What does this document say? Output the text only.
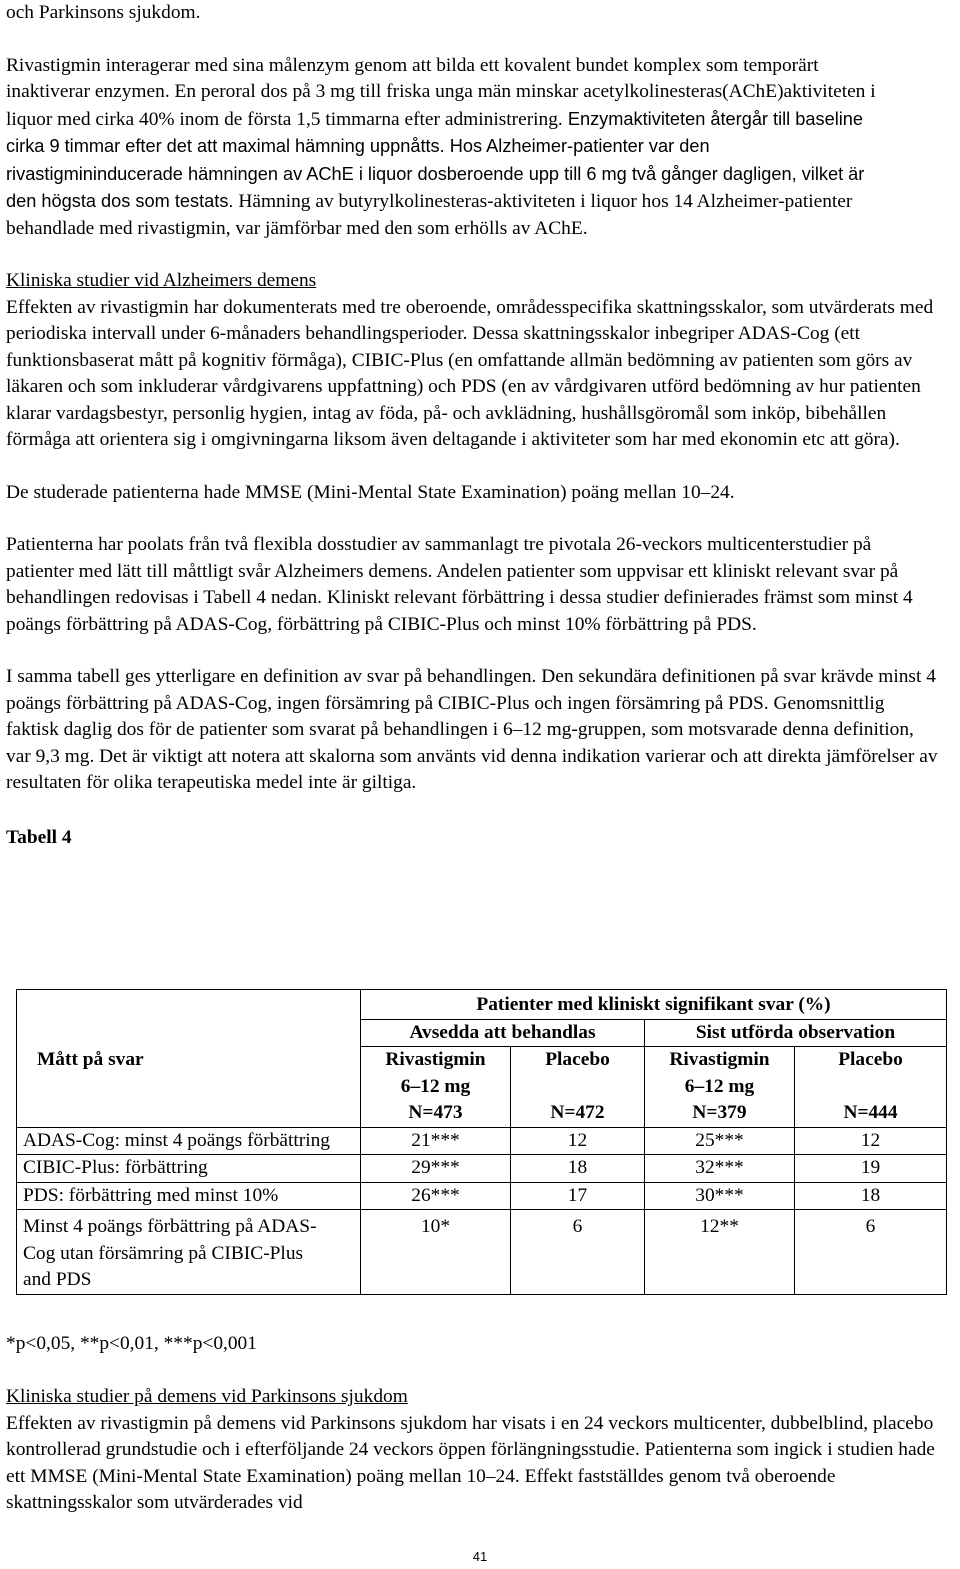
och Parkinsons sjukdom.

Rivastigmin interagerar med sina målenzym genom att bilda ett kovalent bundet komplex som temporärt inaktiverar enzymen. En peroral dos på 3 mg till friska unga män minskar acetylkolinesteras(AChE)aktiviteten i liquor med cirka 40% inom de första 1,5 timmarna efter administrering. Enzymaktiviteten återgår till baseline cirka 9 timmar efter det att maximal hämning uppnåtts. Hos Alzheimer-patienter var den rivastigmininducerade hämningen av AChE i liquor dosberoende upp till 6 mg två gånger dagligen, vilket är den högsta dos som testats. Hämning av butyrylkolinesteras-aktiviteten i liquor hos 14 Alzheimer-patienter behandlade med rivastigmin, var jämförbar med den som erhölls av AChE.

Kliniska studier vid Alzheimers demens

Effekten av rivastigmin har dokumenterats med tre oberoende, områdesspecifika skattningsskalor, som utvärderats med periodiska intervall under 6-månaders behandlingsperioder. Dessa skattningsskalor inbegriper ADAS-Cog (ett funktionsbaserat mått på kognitiv förmåga), CIBIC-Plus (en omfattande allmän bedömning av patienten som görs av läkaren och som inkluderar vårdgivarens uppfattning) och PDS (en av vårdgivaren utförd bedömning av hur patienten klarar vardagsbestyr, personlig hygien, intag av föda, på- och avklädning, hushållsgöromål som inköp, bibehållen förmåga att orientera sig i omgivningarna liksom även deltagande i aktiviteter som har med ekonomin etc att göra).

De studerade patienterna hade MMSE (Mini-Mental State Examination) poäng mellan 10–24.

Patienterna har poolats från två flexibla dosstudier av sammanlagt tre pivotala 26-veckors multicenterstudier på patienter med lätt till måttligt svår Alzheimers demens. Andelen patienter som uppvisar ett kliniskt relevant svar på behandlingen redovisas i Tabell 4 nedan. Kliniskt relevant förbättring i dessa studier definierades främst som minst 4 poängs förbättring på ADAS-Cog, förbättring på CIBIC-Plus och minst 10% förbättring på PDS.

I samma tabell ges ytterligare en definition av svar på behandlingen. Den sekundära definitionen på svar krävde minst 4 poängs förbättring på ADAS-Cog, ingen försämring på CIBIC-Plus och ingen försämring på PDS. Genomsnittlig faktisk daglig dos för de patienter som svarat på behandlingen i 6–12 mg-gruppen, som motsvarade denna definition, var 9,3 mg. Det är viktigt att notera att skalorna som använts vid denna indikation varierar och att direkta jämförelser av resultaten för olika terapeutiska medel inte är giltiga.

Tabell 4

	Patienter med kliniskt signifikant svar (%)			
	Avsedda att behandlas		Sist utförda observation	
Mått på svar	Rivastigmin
6–12 mg
N=473	Placebo
N=472	Rivastigmin
6–12 mg
N=379	Placebo
N=444

ADAS-Cog: minst 4 poängs förbättring	21***	12	25***	12
CIBIC-Plus: förbättring	29***	18	32***	19
PDS: förbättring med minst 10%	26***	17	30***	18
Minst 4 poängs förbättring på ADAS-Cog utan försämring på CIBIC-Plus and PDS	10*	6	12**	6

*p<0,05, **p<0,01, ***p<0,001

Kliniska studier på demens vid Parkinsons sjukdom

Effekten av rivastigmin på demens vid Parkinsons sjukdom har visats i en 24 veckors multicenter, dubbelblind, placebo kontrollerad grundstudie och i efterföljande 24 veckors öppen förlängningsstudie. Patienterna som ingick i studien hade ett MMSE (Mini-Mental State Examination) poäng mellan 10–24. Effekt fastställdes genom två oberoende skattningsskalor som utvärderades vid

41
